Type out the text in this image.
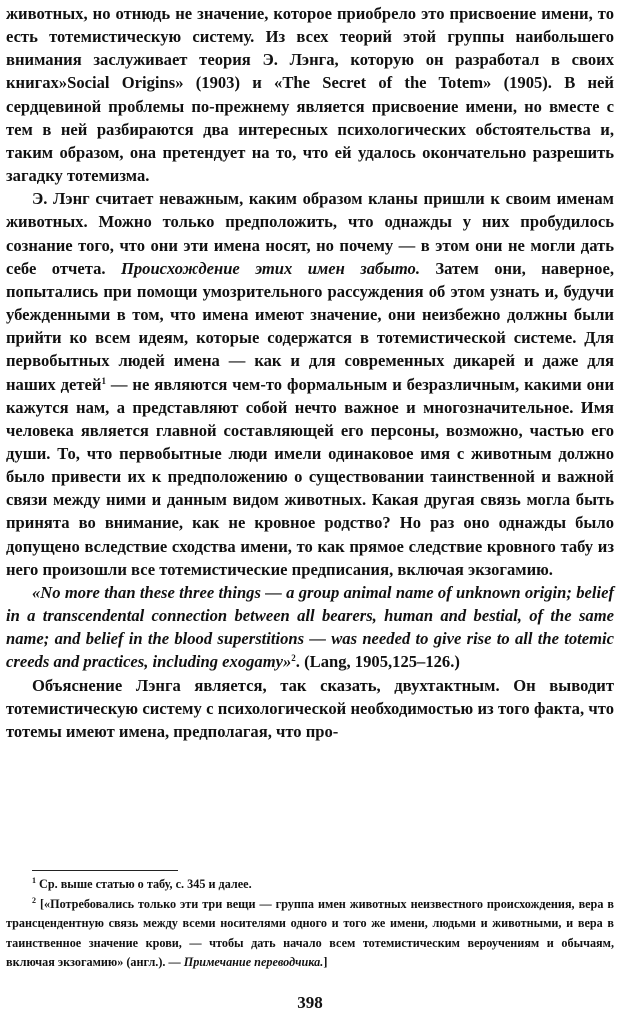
животных, но отнюдь не значение, которое приобрело это присвоение имени, то есть тотемистическую систему. Из всех теорий этой группы наибольшего внимания заслуживает теория Э. Лэнга, которую он разработал в своих книгах»Social Origins» (1903) и «The Secret of the Totem» (1905). В ней сердцевиной проблемы по-прежнему является присвоение имени, но вместе с тем в ней разбираются два интересных психологических обстоятельства и, таким образом, она претендует на то, что ей удалось окончательно разрешить загадку тотемизма.

Э. Лэнг считает неважным, каким образом кланы пришли к своим именам животных. Можно только предположить, что однажды у них пробудилось сознание того, что они эти имена носят, но почему — в этом они не могли дать себе отчета. Происхождение этих имен забыто. Затем они, наверное, попытались при помощи умозрительного рассуждения об этом узнать и, будучи убежденными в том, что имена имеют значение, они неизбежно должны были прийти ко всем идеям, которые содержатся в тотемистической системе. Для первобытных людей имена — как и для современных дикарей и даже для наших детей$^1$ — не являются чем-то формальным и безразличным, какими они кажутся нам, а представляют собой нечто важное и многозначительное. Имя человека является главной составляющей его персоны, возможно, частью его души. То, что первобытные люди имели одинаковое имя с животным должно было привести их к предположению о существовании таинственной и важной связи между ними и данным видом животных. Какая другая связь могла быть принята во внимание, как не кровное родство? Но раз оно однажды было допущено вследствие сходства имени, то как прямое следствие кровного табу из него произошли все тотемистические предписания, включая экзогамию.

«No more than these three things — a group animal name of unknown origin; belief in a transcendental connection between all bearers, human and bestial, of the same name; and belief in the blood superstitions — was needed to give rise to all the totemic creeds and practices, including exogamy»$^2$. (Lang, 1905,125–126.)

Объяснение Лэнга является, так сказать, двухтактным. Он выводит тотемистическую систему с психологической необходимостью из того факта, что тотемы имеют имена, предполагая, что про-

$^1$ Ср. выше статью о табу, с. 345 и далее.

$^2$ [«Потребовались только эти три вещи — группа имен животных неизвестного происхождения, вера в трансцендентную связь между всеми носителями одного и того же имени, людьми и животными, и вера в таинственное значение крови, — чтобы дать начало всем тотемистическим вероучениям и обычаям, включая экзогамию» (англ.). — Примечание переводчика.]

398
